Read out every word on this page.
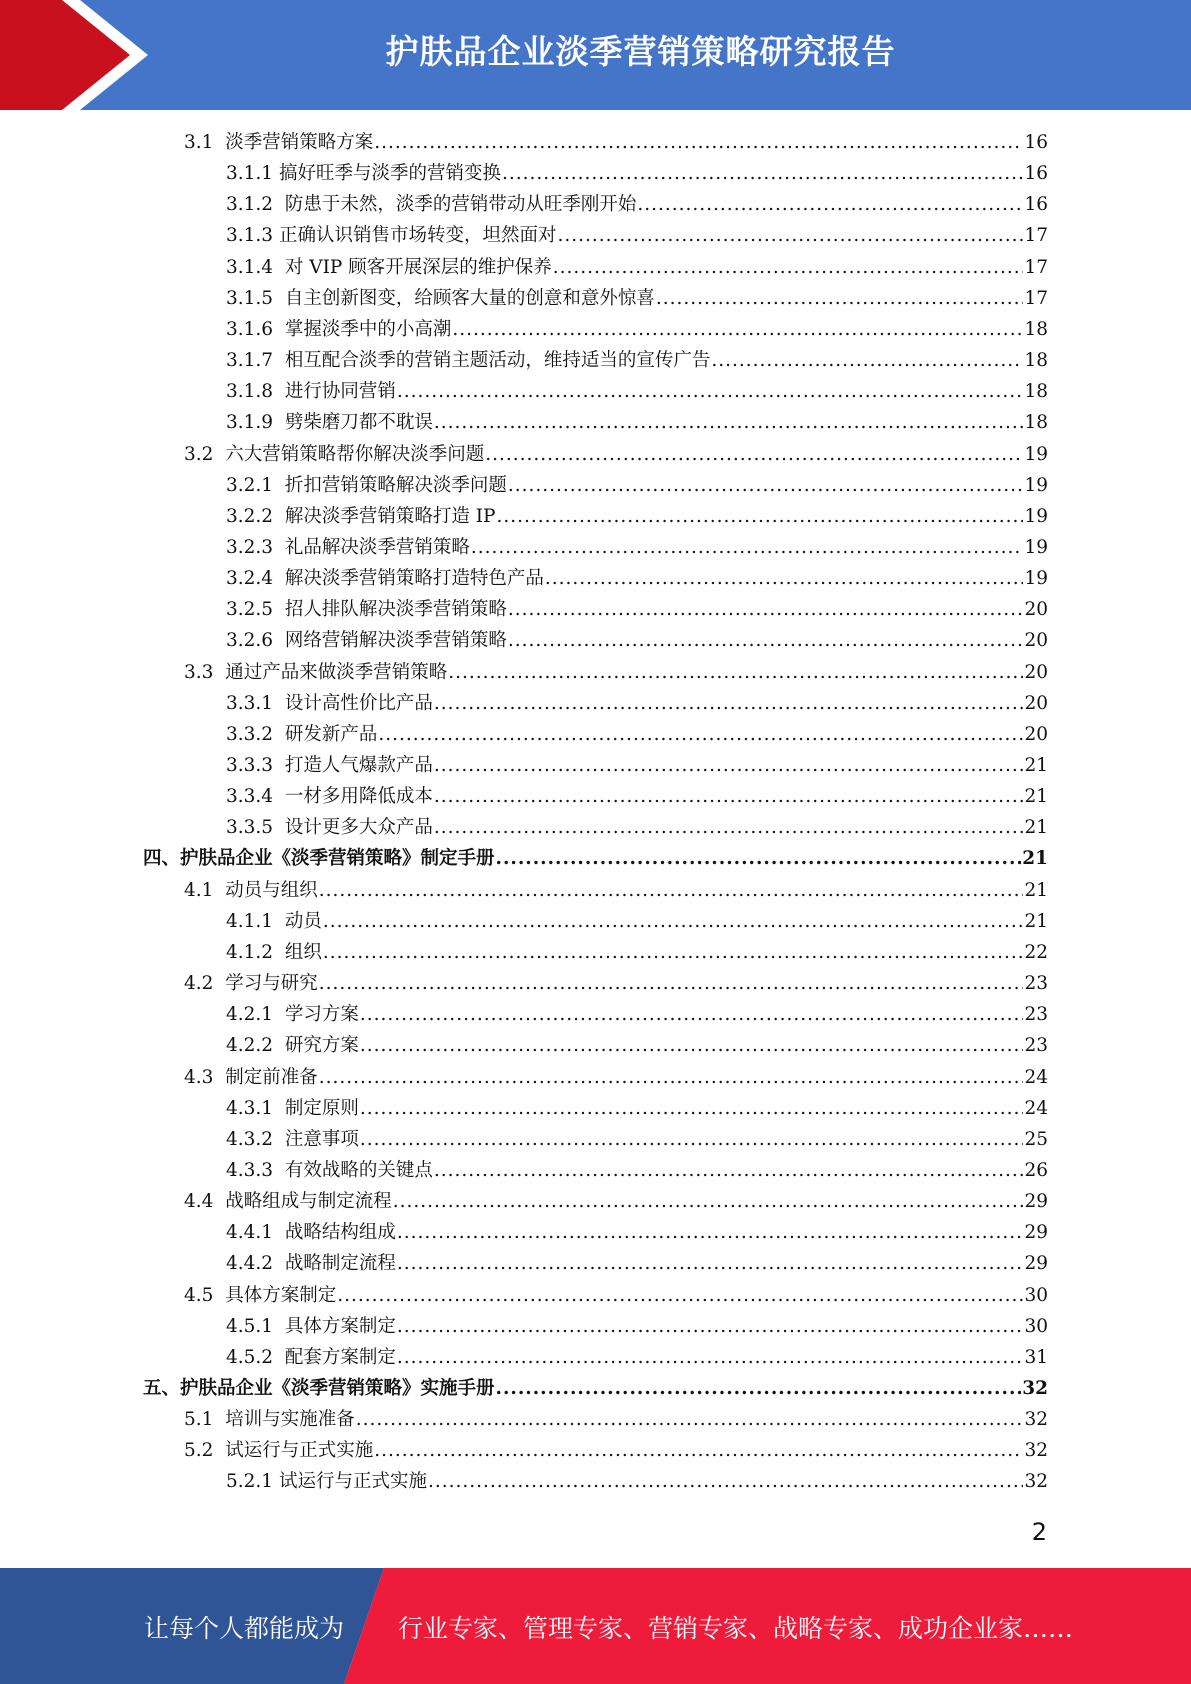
护肤品企业淡季营销策略研究报告
3.1 淡季营销策略方案 .....	16
3.1.1 搞好旺季与淡季的营销变换 .....	16
3.1.2 防患于未然，淡季的营销带动从旺季刚开始 .....	16
3.1.3 正确认识销售市场转变，坦然面对 .....	17
3.1.4 对 VIP 顾客开展深层的维护保养 .....	17
3.1.5 自主创新图变，给顾客大量的创意和意外惊喜 .....	17
3.1.6 掌握淡季中的小高潮 .....	18
3.1.7 相互配合淡季的营销主题活动，维持适当的宣传广告 .....	18
3.1.8 进行协同营销 .....	18
3.1.9 劈柴磨刀都不耽误 .....	18
3.2 六大营销策略帮你解决淡季问题 .....	19
3.2.1 折扣营销策略解决淡季问题 .....	19
3.2.2 解决淡季营销策略打造 IP .....	19
3.2.3 礼品解决淡季营销策略 .....	19
3.2.4 解决淡季营销策略打造特色产品 .....	19
3.2.5 招人排队解决淡季营销策略 .....	20
3.2.6 网络营销解决淡季营销策略 .....	20
3.3 通过产品来做淡季营销策略 .....	20
3.3.1 设计高性价比产品 .....	20
3.3.2 研发新产品 .....	20
3.3.3 打造人气爆款产品 .....	21
3.3.4 一材多用降低成本 .....	21
3.3.5 设计更多大众产品 .....	21
四、 护肤品企业《淡季营销策略》制定手册 .....	21
4.1 动员与组织 .....	21
4.1.1 动员 .....	21
4.1.2 组织 .....	22
4.2 学习与研究 .....	23
4.2.1 学习方案 .....	23
4.2.2 研究方案 .....	23
4.3 制定前准备 .....	24
4.3.1 制定原则 .....	24
4.3.2 注意事项 .....	25
4.3.3 有效战略的关键点 .....	26
4.4 战略组成与制定流程 .....	29
4.4.1 战略结构组成 .....	29
4.4.2 战略制定流程 .....	29
4.5 具体方案制定 .....	30
4.5.1 具体方案制定 .....	30
4.5.2 配套方案制定 .....	31
五、 护肤品企业《淡季营销策略》实施手册 .....	32
5.1 培训与实施准备 .....	32
5.2 试运行与正式实施 .....	32
5.2.1 试运行与正式实施 .....	32
2
让每个人都能成为 行业专家、管理专家、营销专家、战略专家、成功企业家……
